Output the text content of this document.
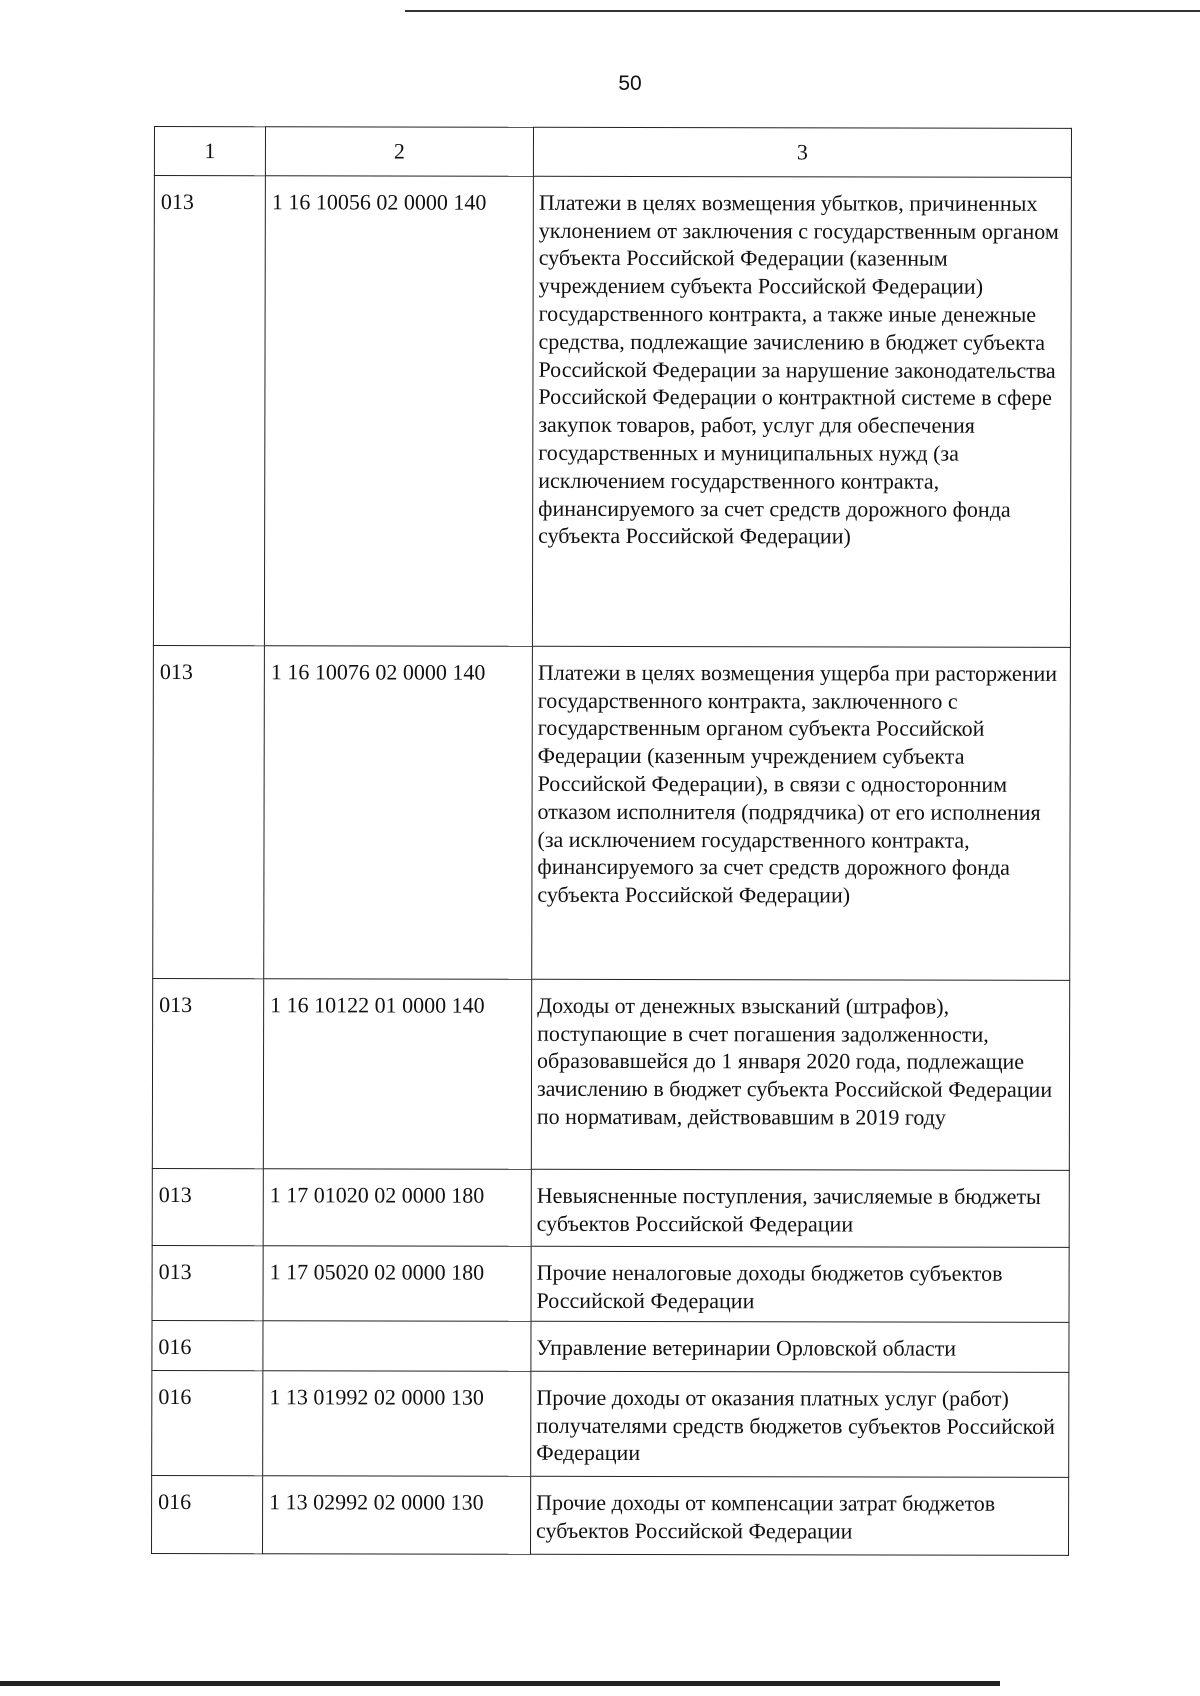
50
1	2	3
013	1 16 10056 02 0000 140	Платежи в целях возмещения убытков, причиненных уклонением от заключения с государственным органом субъекта Российской Федерации (казенным учреждением субъекта Российской Федерации) государственного контракта, а также иные денежные средства, подлежащие зачислению в бюджет субъекта Российской Федерации за нарушение законодательства Российской Федерации о контрактной системе в сфере закупок товаров, работ, услуг для обеспечения государственных и муниципальных нужд (за исключением государственного контракта, финансируемого за счет средств дорожного фонда субъекта Российской Федерации)
013	1 16 10076 02 0000 140	Платежи в целях возмещения ущерба при расторжении государственного контракта, заключенного с государственным органом субъекта Российской Федерации (казенным учреждением субъекта Российской Федерации), в связи с односторонним отказом исполнителя (подрядчика) от его исполнения (за исключением государственного контракта, финансируемого за счет средств дорожного фонда субъекта Российской Федерации)
013	1 16 10122 01 0000 140	Доходы от денежных взысканий (штрафов), поступающие в счет погашения задолженности, образовавшейся до 1 января 2020 года, подлежащие зачислению в бюджет субъекта Российской Федерации по нормативам, действовавшим в 2019 году
013	1 17 01020 02 0000 180	Невыясненные поступления, зачисляемые в бюджеты субъектов Российской Федерации
013	1 17 05020 02 0000 180	Прочие неналоговые доходы бюджетов субъектов Российской Федерации
016		Управление ветеринарии Орловской области
016	1 13 01992 02 0000 130	Прочие доходы от оказания платных услуг (работ) получателями средств бюджетов субъектов Российской Федерации
016	1 13 02992 02 0000 130	Прочие доходы от компенсации затрат бюджетов субъектов Российской Федерации
